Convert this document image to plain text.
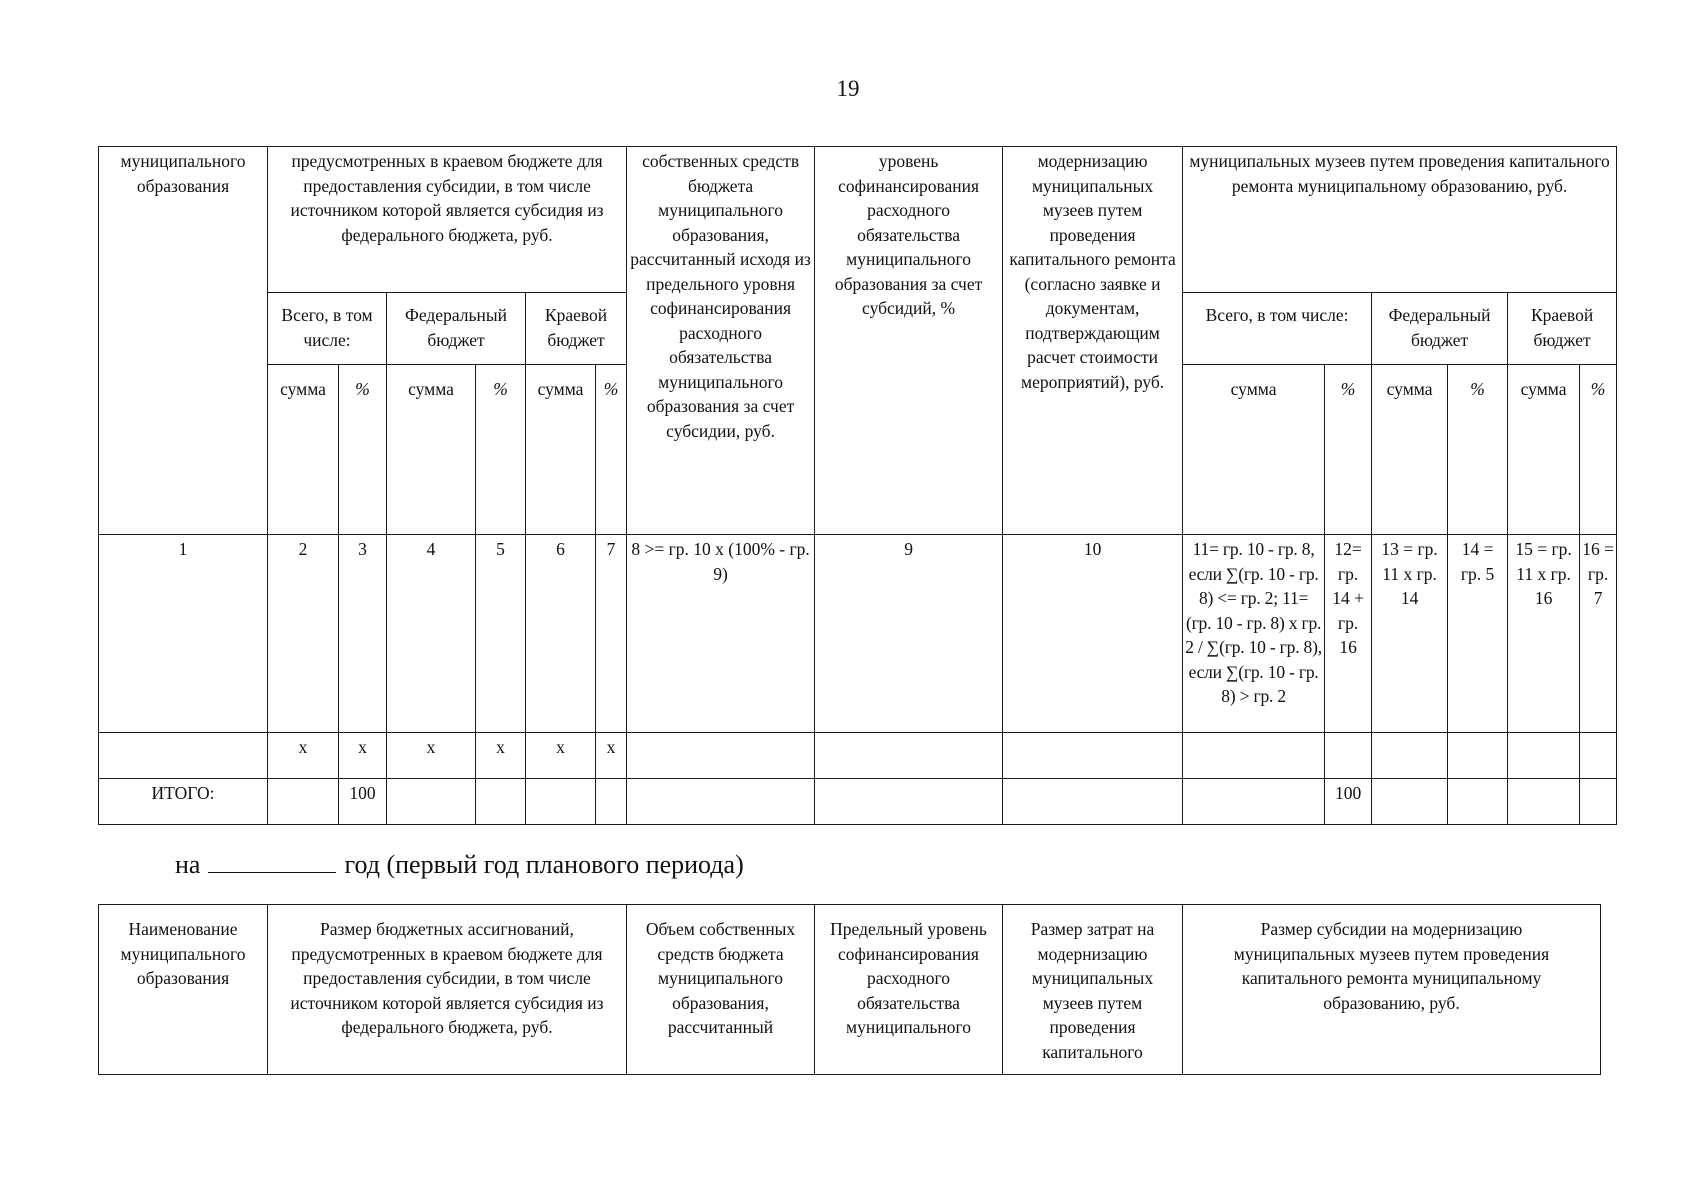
19
муниципального образования	предусмотренных в краевом бюджете для предоставления субсидии, в том числе источником которой является субсидия из федерального бюджета, руб.						собственных средств бюджета муниципального образования, рассчитанный исходя из предельного уровня софинансирования расходного обязательства муниципального образования за счет субсидии, руб.	уровень софинансирования расходного обязательства муниципального образования за счет субсидий, %	модернизацию муниципальных музеев путем проведения капитального ремонта (согласно заявке и документам, подтверждающим расчет стоимости мероприятий), руб.	муниципальных музеев путем проведения капитального ремонта муниципальному образованию, руб.					
	Всего, в том числе:		Федеральный бюджет		Краевой бюджет					Всего, в том числе:		Федеральный бюджет		Краевой бюджет	
	сумма	%	сумма	%	сумма	%				сумма	%	сумма	%	сумма	%
1	2	3	4	5	6	7	8 >= гр. 10 х (100% - гр. 9)	9	10	11= гр. 10 - гр. 8, если ∑(гр. 10 - гр. 8) <= гр. 2; 11= (гр. 10 - гр. 8) х гр. 2 / ∑(гр. 10 - гр. 8), если ∑(гр. 10 - гр. 8) > гр. 2	12= гр. 14 + гр. 16	13 = гр. 11 х гр. 14	14 = гр. 5	15 = гр. 11 х гр. 16	16 = гр. 7
	x	x	x	x	x	x									
ИТОГО:		100									100				
на	год (первый год планового периода)
Наименование муниципального образования	Размер бюджетных ассигнований, предусмотренных в краевом бюджете для предоставления субсидии, в том числе источником которой является субсидия из федерального бюджета, руб.	Объем собственных средств бюджета муниципального образования, рассчитанный	Предельный уровень софинансирования расходного обязательства муниципального	Размер затрат на модернизацию муниципальных музеев путем проведения капитального	Размер субсидии на модернизацию муниципальных музеев путем проведения капитального ремонта муниципальному образованию, руб.
